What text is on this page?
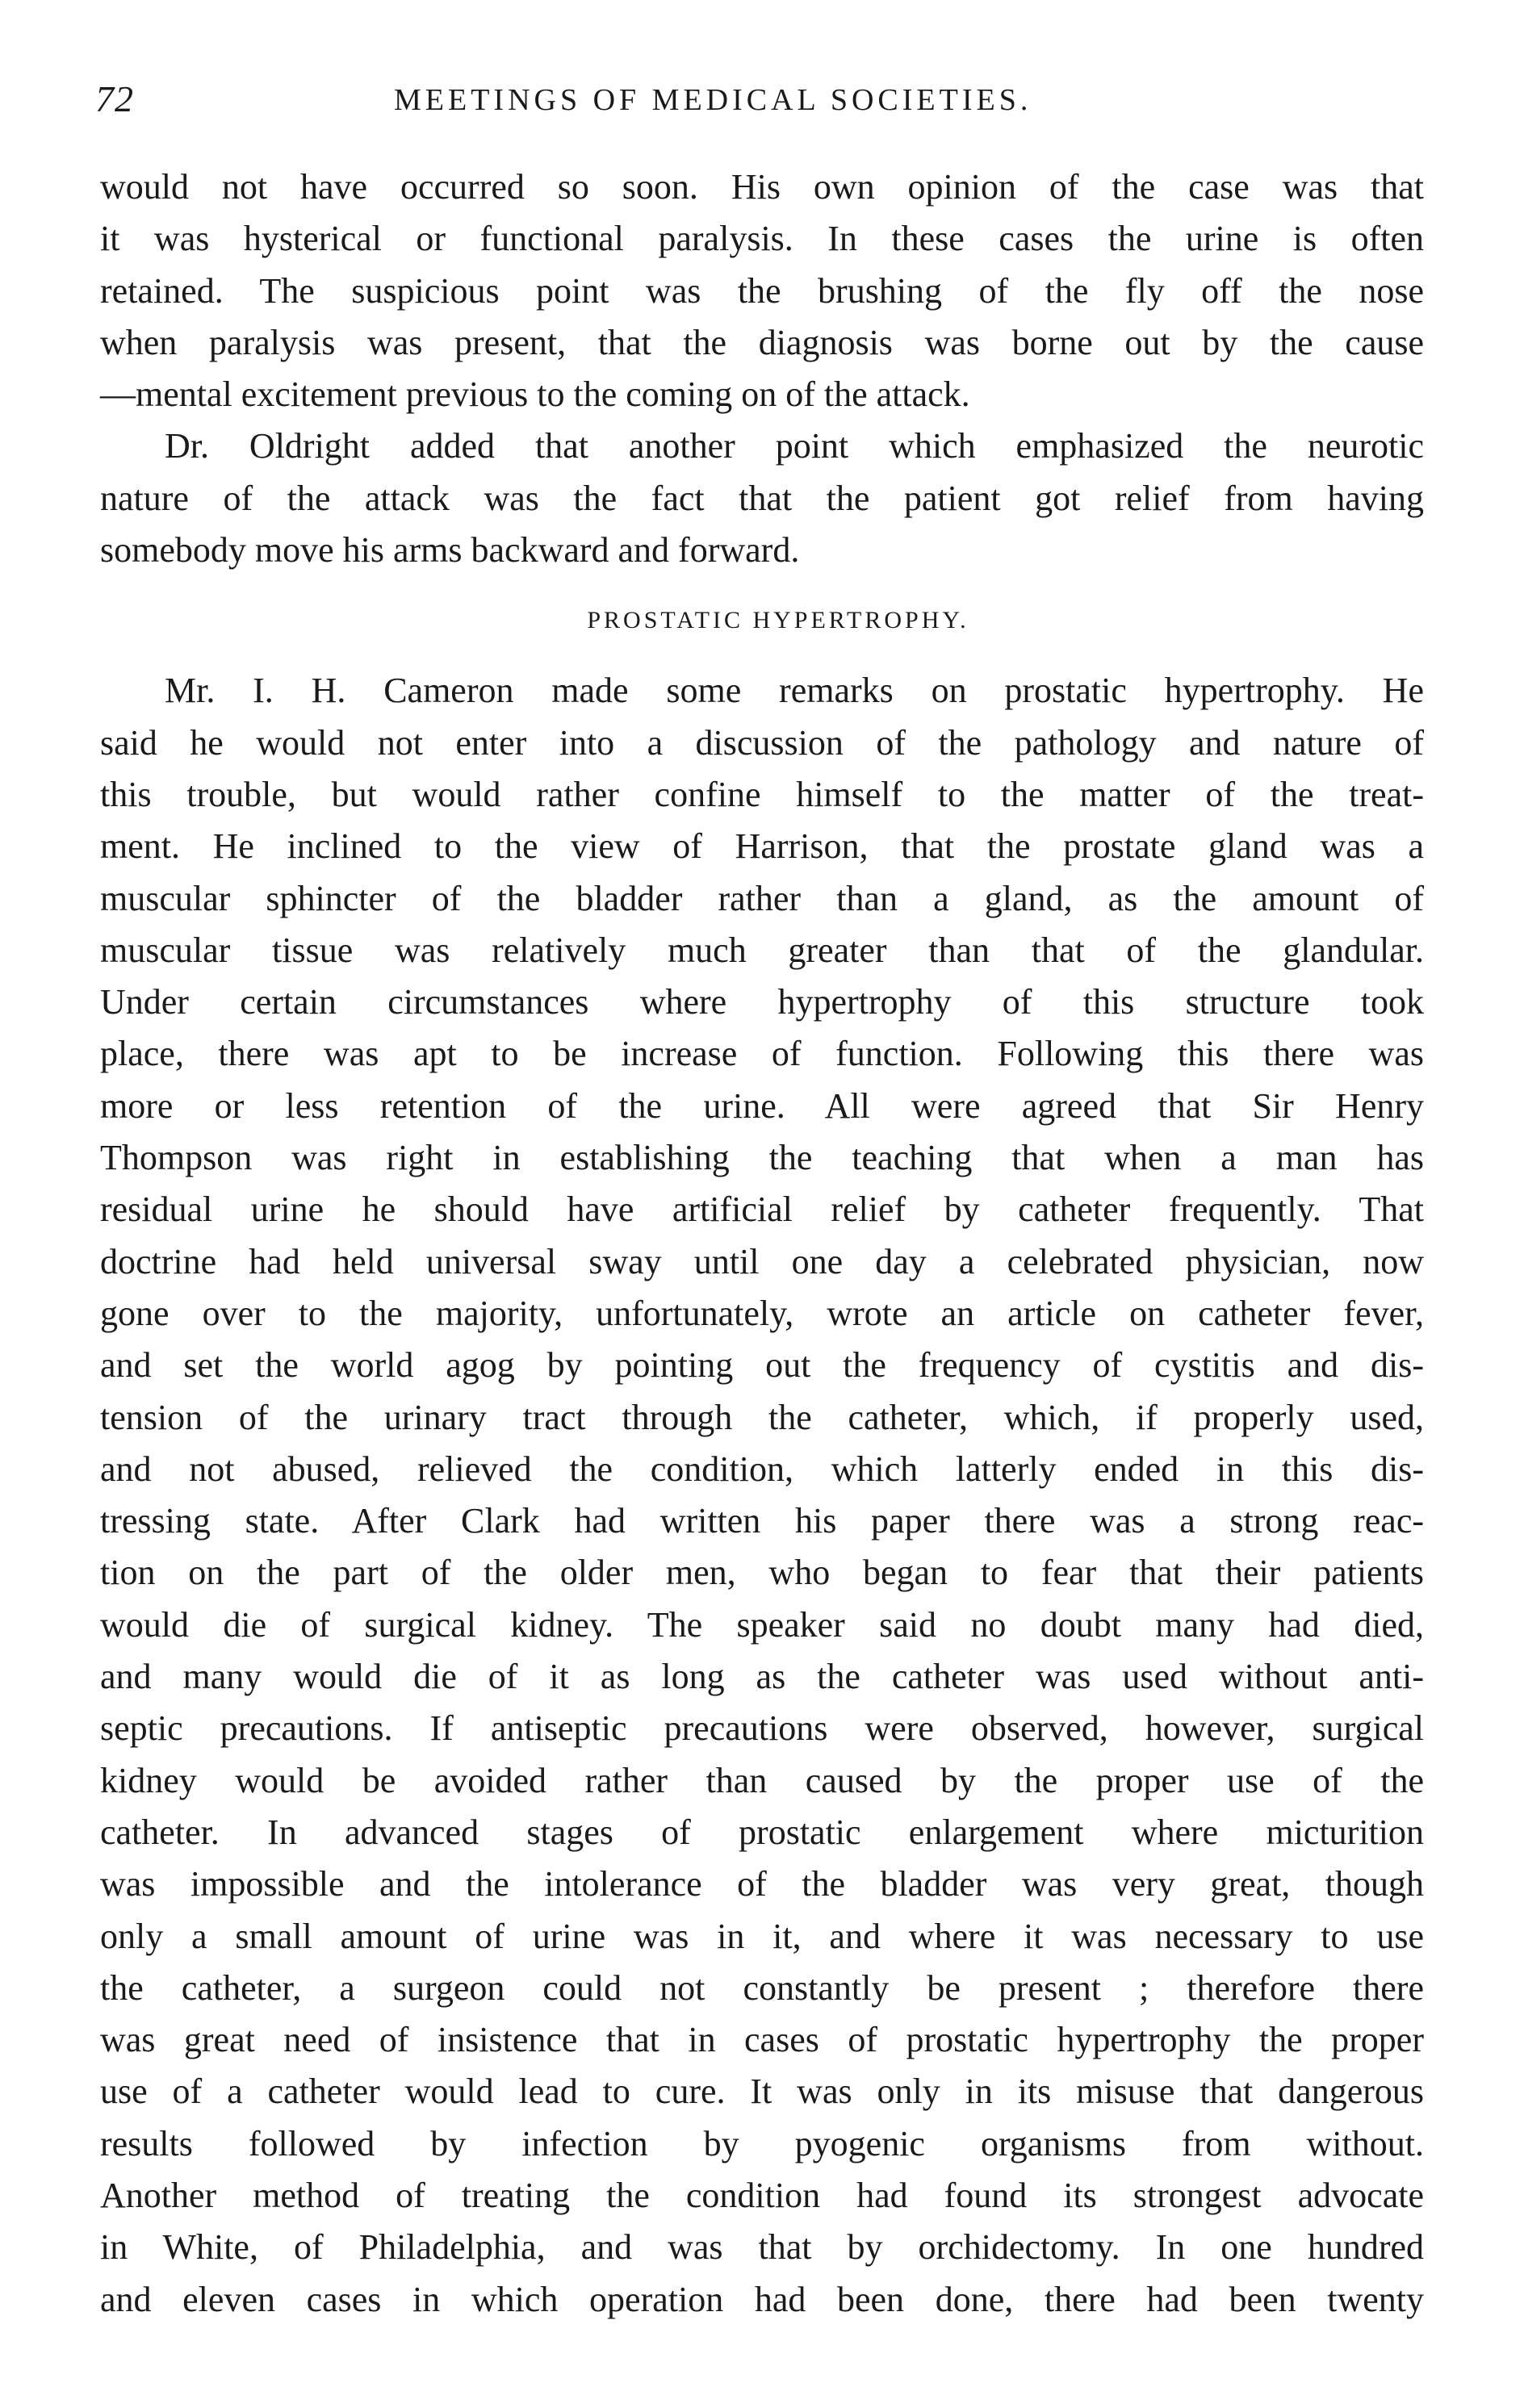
72	MEETINGS OF MEDICAL SOCIETIES.
would not have occurred so soon. His own opinion of the case was that
it was hysterical or functional paralysis. In these cases the urine is often
retained. The suspicious point was the brushing of the fly off the nose
when paralysis was present, that the diagnosis was borne out by the cause
—mental excitement previous to the coming on of the attack.
Dr. Oldright added that another point which emphasized the neurotic
nature of the attack was the fact that the patient got relief from having
somebody move his arms backward and forward.
PROSTATIC HYPERTROPHY.
Mr. I. H. Cameron made some remarks on prostatic hypertrophy. He
said he would not enter into a discussion of the pathology and nature of
this trouble, but would rather confine himself to the matter of the treat-
ment. He inclined to the view of Harrison, that the prostate gland was a
muscular sphincter of the bladder rather than a gland, as the amount of
muscular tissue was relatively much greater than that of the glandular.
Under certain circumstances where hypertrophy of this structure took
place, there was apt to be increase of function. Following this there was
more or less retention of the urine. All were agreed that Sir Henry
Thompson was right in establishing the teaching that when a man has
residual urine he should have artificial relief by catheter frequently. That
doctrine had held universal sway until one day a celebrated physician, now
gone over to the majority, unfortunately, wrote an article on catheter fever,
and set the world agog by pointing out the frequency of cystitis and dis-
tension of the urinary tract through the catheter, which, if properly used,
and not abused, relieved the condition, which latterly ended in this dis-
tressing state. After Clark had written his paper there was a strong reac-
tion on the part of the older men, who began to fear that their patients
would die of surgical kidney. The speaker said no doubt many had died,
and many would die of it as long as the catheter was used without anti-
septic precautions. If antiseptic precautions were observed, however, surgical
kidney would be avoided rather than caused by the proper use of the
catheter. In advanced stages of prostatic enlargement where micturition
was impossible and the intolerance of the bladder was very great, though
only a small amount of urine was in it, and where it was necessary to use
the catheter, a surgeon could not constantly be present ; therefore there
was great need of insistence that in cases of prostatic hypertrophy the proper
use of a catheter would lead to cure. It was only in its misuse that dangerous
results followed by infection by pyogenic organisms from without.
Another method of treating the condition had found its strongest advocate
in White, of Philadelphia, and was that by orchidectomy. In one hundred
and eleven cases in which operation had been done, there had been twenty
